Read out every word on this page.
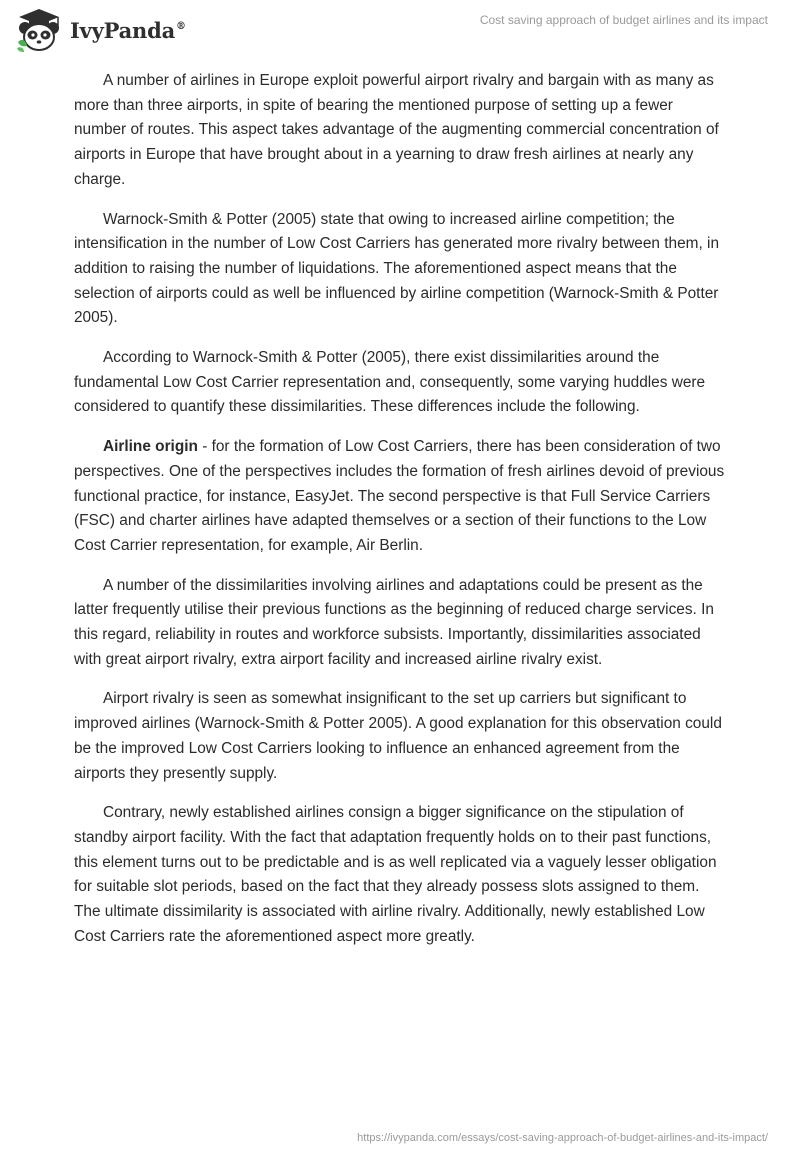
IvyPanda®	Cost saving approach of budget airlines and its impact

A number of airlines in Europe exploit powerful airport rivalry and bargain with as many as more than three airports, in spite of bearing the mentioned purpose of setting up a fewer number of routes. This aspect takes advantage of the augmenting commercial concentration of airports in Europe that have brought about in a yearning to draw fresh airlines at nearly any charge.

Warnock-Smith & Potter (2005) state that owing to increased airline competition; the intensification in the number of Low Cost Carriers has generated more rivalry between them, in addition to raising the number of liquidations. The aforementioned aspect means that the selection of airports could as well be influenced by airline competition (Warnock-Smith & Potter 2005).

According to Warnock-Smith & Potter (2005), there exist dissimilarities around the fundamental Low Cost Carrier representation and, consequently, some varying huddles were considered to quantify these dissimilarities. These differences include the following.

Airline origin - for the formation of Low Cost Carriers, there has been consideration of two perspectives. One of the perspectives includes the formation of fresh airlines devoid of previous functional practice, for instance, EasyJet. The second perspective is that Full Service Carriers (FSC) and charter airlines have adapted themselves or a section of their functions to the Low Cost Carrier representation, for example, Air Berlin.

A number of the dissimilarities involving airlines and adaptations could be present as the latter frequently utilise their previous functions as the beginning of reduced charge services. In this regard, reliability in routes and workforce subsists. Importantly, dissimilarities associated with great airport rivalry, extra airport facility and increased airline rivalry exist.

Airport rivalry is seen as somewhat insignificant to the set up carriers but significant to improved airlines (Warnock-Smith & Potter 2005). A good explanation for this observation could be the improved Low Cost Carriers looking to influence an enhanced agreement from the airports they presently supply.

Contrary, newly established airlines consign a bigger significance on the stipulation of standby airport facility. With the fact that adaptation frequently holds on to their past functions, this element turns out to be predictable and is as well replicated via a vaguely lesser obligation for suitable slot periods, based on the fact that they already possess slots assigned to them. The ultimate dissimilarity is associated with airline rivalry. Additionally, newly established Low Cost Carriers rate the aforementioned aspect more greatly.

https://ivypanda.com/essays/cost-saving-approach-of-budget-airlines-and-its-impact/
